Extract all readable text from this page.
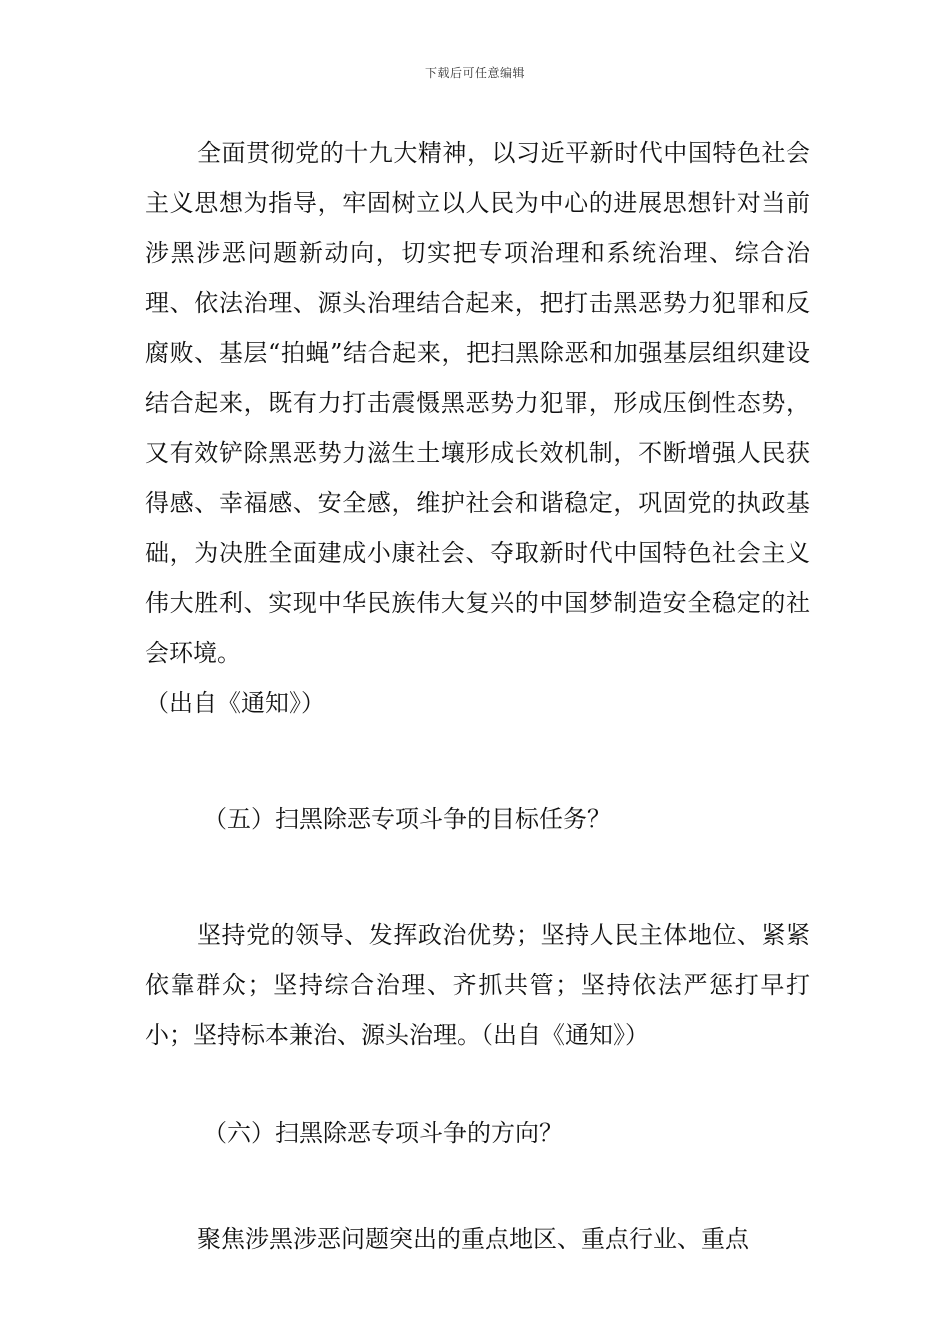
下载后可任意编辑

全面贯彻党的十九大精神，以习近平新时代中国特色社会主义思想为指导，牢固树立以人民为中心的进展思想针对当前涉黑涉恶问题新动向，切实把专项治理和系统治理、综合治理、依法治理、源头治理结合起来，把打击黑恶势力犯罪和反腐败、基层“拍蝇”结合起来，把扫黑除恶和加强基层组织建设结合起来，既有力打击震慑黑恶势力犯罪，形成压倒性态势，又有效铲除黑恶势力滋生土壤形成长效机制，不断增强人民获得感、幸福感、安全感，维护社会和谐稳定，巩固党的执政基础，为决胜全面建成小康社会、夺取新时代中国特色社会主义伟大胜利、实现中华民族伟大复兴的中国梦制造安全稳定的社会环境。

（出自《通知》）

（五）扫黑除恶专项斗争的目标任务？

坚持党的领导、发挥政治优势；坚持人民主体地位、紧紧依靠群众；坚持综合治理、齐抓共管；坚持依法严惩打早打小；坚持标本兼治、源头治理。（出自《通知》）

（六）扫黑除恶专项斗争的方向？

聚焦涉黑涉恶问题突出的重点地区、重点行业、重点
